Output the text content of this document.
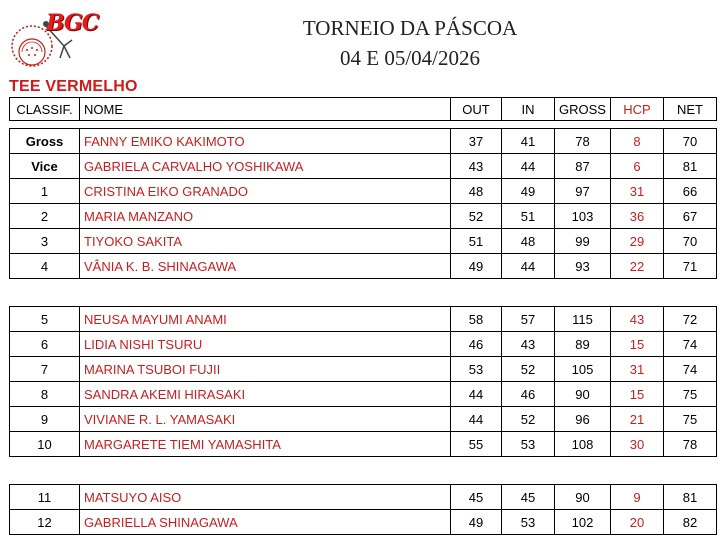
BGC	TORNEIO DA PÁSCOA
04 E 05/04/2026
TEE VERMELHO
CLASSIF.	NOME	OUT	IN	GROSS	HCP	NET
Gross	FANNY EMIKO KAKIMOTO	37	41	78	8	70
Vice	GABRIELA CARVALHO YOSHIKAWA	43	44	87	6	81
1	CRISTINA EIKO GRANADO	48	49	97	31	66
2	MARIA MANZANO	52	51	103	36	67
3	TIYOKO SAKITA	51	48	99	29	70
4	VÂNIA K. B. SHINAGAWA	49	44	93	22	71
5	NEUSA MAYUMI ANAMI	58	57	115	43	72
6	LIDIA NISHI TSURU	46	43	89	15	74
7	MARINA TSUBOI FUJII	53	52	105	31	74
8	SANDRA AKEMI HIRASAKI	44	46	90	15	75
9	VIVIANE R. L. YAMASAKI	44	52	96	21	75
10	MARGARETE TIEMI YAMASHITA	55	53	108	30	78
11	MATSUYO AISO	45	45	90	9	81
12	GABRIELLA SHINAGAWA	49	53	102	20	82
